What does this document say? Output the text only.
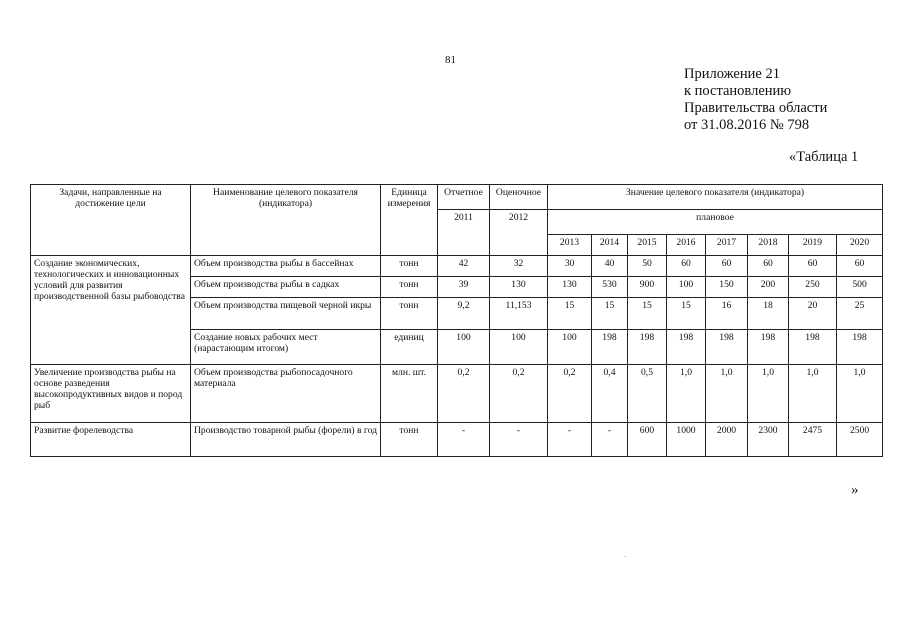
81
Приложение 21
к постановлению
Правительства области
от 31.08.2016 № 798
«Таблица 1
Задачи, направленные на достижение цели	Наименование целевого показателя (индикатора)	Единица измерения	Отчетное	Оценочное	Значение целевого показателя (индикатора)							
			2011	2012	плановое							
					2013	2014	2015	2016	2017	2018	2019	2020
Создание экономических, технологических и инновационных условий для развития производственной базы рыбоводства	Объем производства рыбы в бассейнах	тонн	42	32	30	40	50	60	60	60	60	60
	Объем производства рыбы в садках	тонн	39	130	130	530	900	100	150	200	250	500
	Объем производства пищевой черной икры	тонн	9,2	11,153	15	15	15	15	16	18	20	25
	Создание новых рабочих мест (нарастающим итогом)	единиц	100	100	100	198	198	198	198	198	198	198
Увеличение производства рыбы на основе разведения высокопродуктивных видов и пород рыб	Объем производства рыбопосадочного материала	млн. шт.	0,2	0,2	0,2	0,4	0,5	1,0	1,0	1,0	1,0	1,0
Развитие форелеводства	Производство товарной рыбы (форели) в год	тонн	-	-	-	-	600	1000	2000	2300	2475	2500
»
